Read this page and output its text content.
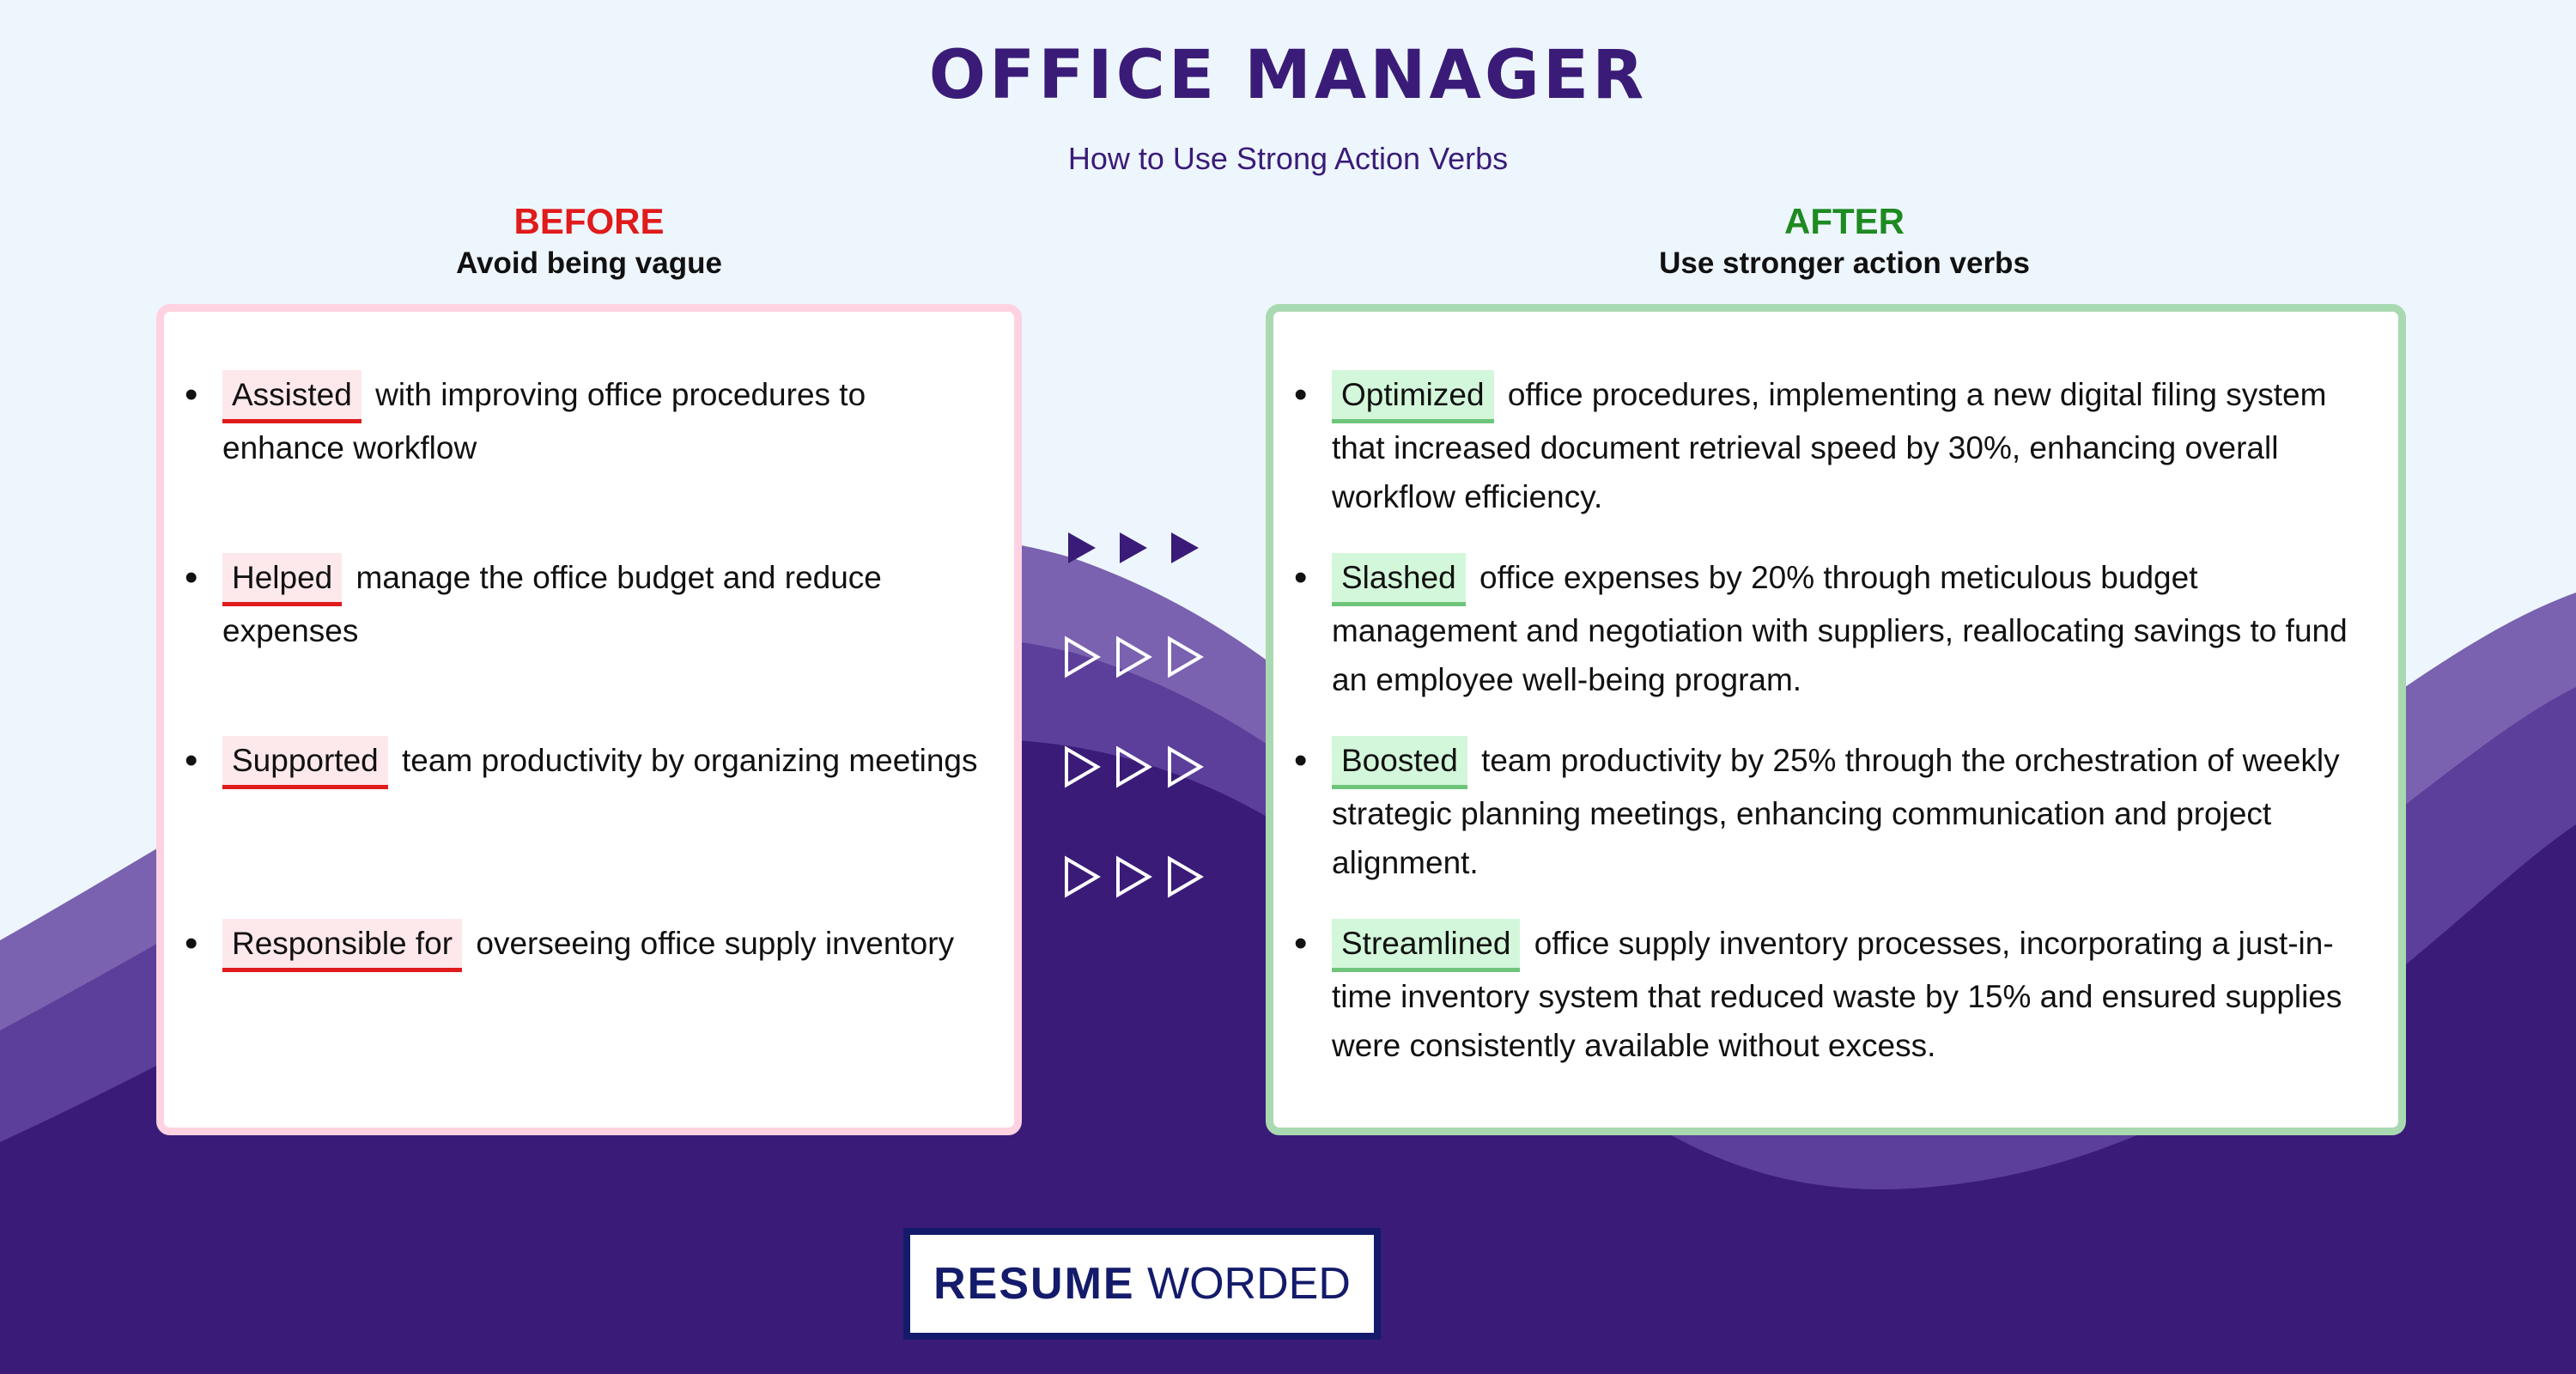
OFFICE MANAGER
How to Use Strong Action Verbs
BEFORE
Avoid being vague
AFTER
Use stronger action verbs
• Assisted with improving office procedures to enhance workflow
• Helped manage the office budget and reduce expenses
• Supported team productivity by organizing meetings
• Responsible for overseeing office supply inventory
• Optimized office procedures, implementing a new digital filing system that increased document retrieval speed by 30%, enhancing overall workflow efficiency.
• Slashed office expenses by 20% through meticulous budget management and negotiation with suppliers, reallocating savings to fund an employee well-being program.
• Boosted team productivity by 25% through the orchestration of weekly strategic planning meetings, enhancing communication and project alignment.
• Streamlined office supply inventory processes, incorporating a just-in-time inventory system that reduced waste by 15% and ensured supplies were consistently available without excess.
RESUME WORDED
